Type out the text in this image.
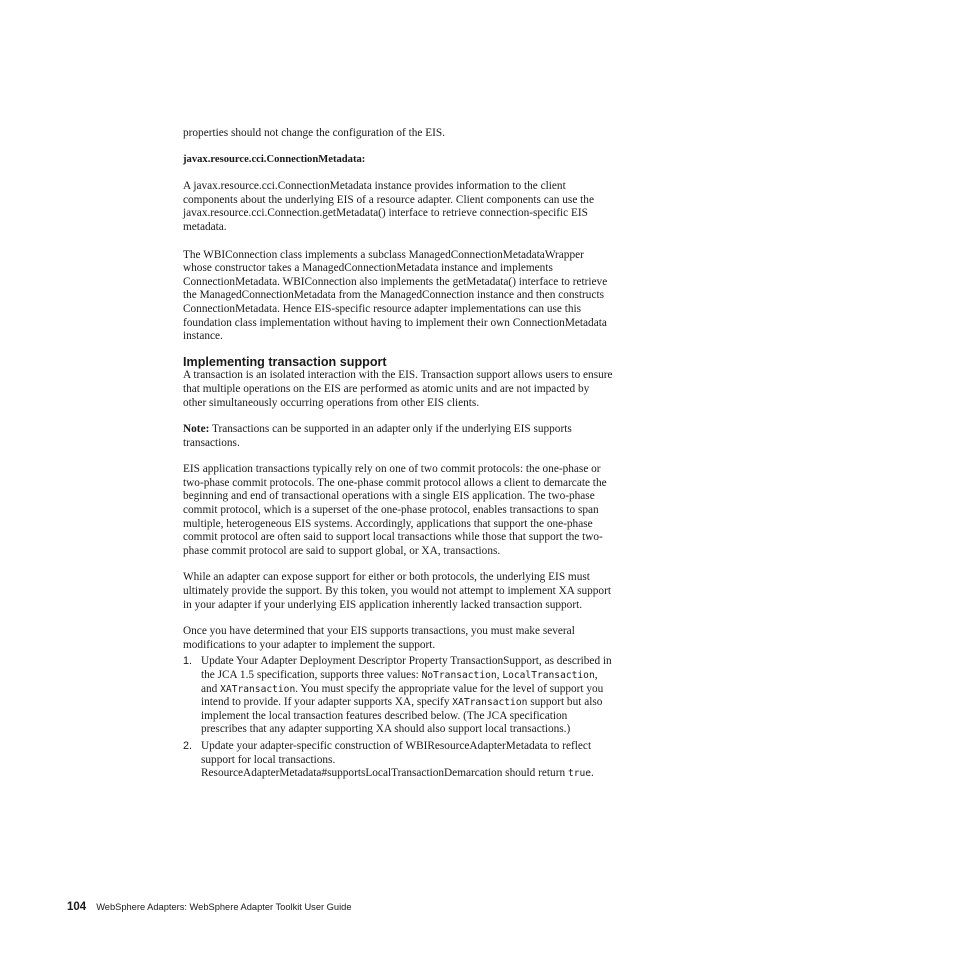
properties should not change the configuration of the EIS.

javax.resource.cci.ConnectionMetadata:

A javax.resource.cci.ConnectionMetadata instance provides information to the client components about the underlying EIS of a resource adapter. Client components can use the javax.resource.cci.Connection.getMetadata() interface to retrieve connection-specific EIS metadata.

The WBIConnection class implements a subclass ManagedConnectionMetadataWrapper whose constructor takes a ManagedConnectionMetadata instance and implements ConnectionMetadata. WBIConnection also implements the getMetadata() interface to retrieve the ManagedConnectionMetadata from the ManagedConnection instance and then constructs ConnectionMetadata. Hence EIS-specific resource adapter implementations can use this foundation class implementation without having to implement their own ConnectionMetadata instance.

Implementing transaction support

A transaction is an isolated interaction with the EIS. Transaction support allows users to ensure that multiple operations on the EIS are performed as atomic units and are not impacted by other simultaneously occurring operations from other EIS clients.

Note: Transactions can be supported in an adapter only if the underlying EIS supports transactions.

EIS application transactions typically rely on one of two commit protocols: the one-phase or two-phase commit protocols. The one-phase commit protocol allows a client to demarcate the beginning and end of transactional operations with a single EIS application. The two-phase commit protocol, which is a superset of the one-phase protocol, enables transactions to span multiple, heterogeneous EIS systems. Accordingly, applications that support the one-phase commit protocol are often said to support local transactions while those that support the two-phase commit protocol are said to support global, or XA, transactions.

While an adapter can expose support for either or both protocols, the underlying EIS must ultimately provide the support. By this token, you would not attempt to implement XA support in your adapter if your underlying EIS application inherently lacked transaction support.

Once you have determined that your EIS supports transactions, you must make several modifications to your adapter to implement the support.

1. Update Your Adapter Deployment Descriptor Property TransactionSupport, as described in the JCA 1.5 specification, supports three values: NoTransaction, LocalTransaction, and XATransaction. You must specify the appropriate value for the level of support you intend to provide. If your adapter supports XA, specify XATransaction support but also implement the local transaction features described below. (The JCA specification prescribes that any adapter supporting XA should also support local transactions.)
2. Update your adapter-specific construction of WBIResourceAdapterMetadata to reflect support for local transactions. ResourceAdapterMetadata#supportsLocalTransactionDemarcation should return true.
104 WebSphere Adapters: WebSphere Adapter Toolkit User Guide
